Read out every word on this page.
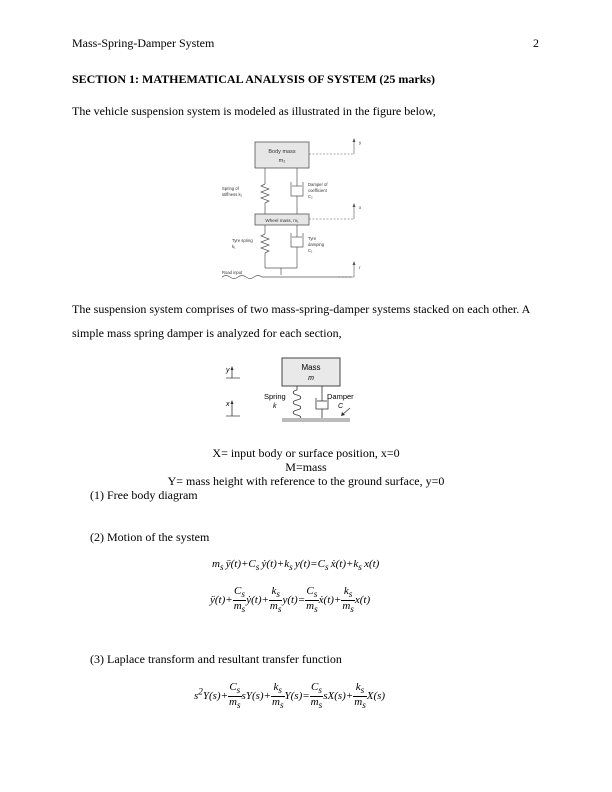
Mass-Spring-Damper System	2
SECTION 1: MATHEMATICAL ANALYSIS OF SYSTEM (25 marks)
The vehicle suspension system is modeled as illustrated in the figure below,
Body mass
m₂
Spring of
stiffness k₂
Damper of
coefficient
C₂
Wheel mass, m₁
Tyre spring
k₁
Tyre
damping
C₁
Road input
y
x
r
The suspension system comprises of two mass-spring-damper systems stacked on each other. A
simple mass spring damper is analyzed for each section,
Mass
m
Spring
k
Damper
C
y
x
X= input body or surface position, x=0
M=mass
Y= mass height with reference to the ground surface, y=0
(1) Free body diagram
(2) Motion of the system
$m_s$ $ÿ(t)+C_s$ $ẏ(t)+k_s$ $y(t)=C_s$ $ẋ(t)+k_s$ x(t)
ÿ(t)+ $\frac{C_s}{m_s}$ ẏ(t)+ $\frac{k_s}{m_s} y(t)= \frac{C_s}{m_s}$ ẋ(t)+ $\frac{k_s}{m_s} x(t)$
(3) Laplace transform and resultant transfer function
$s^2Y(s)+ \frac{C_s}{m_s} sY(s)+ \frac{k_s}{m_s} Y(s)= \frac{C_s}{m_s} sX(s)+ \frac{k_s}{m_s} X(s)$
